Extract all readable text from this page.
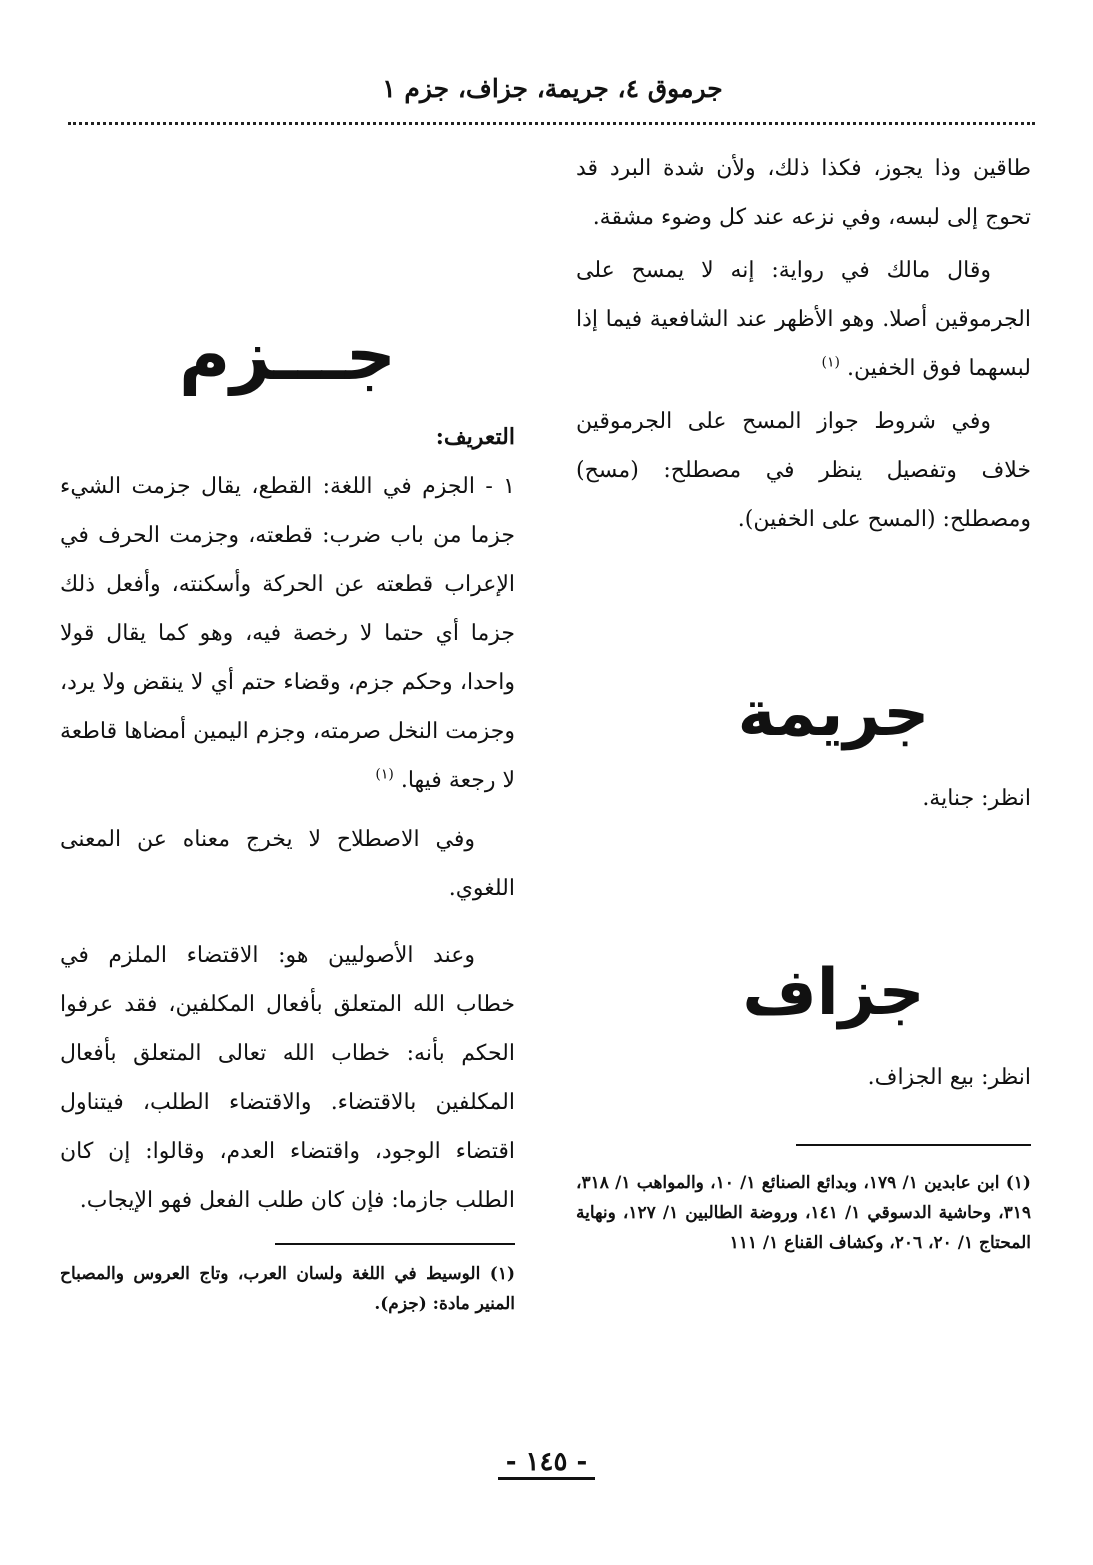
جرموق ٤، جريمة، جزاف، جزم ١

طاقين وذا يجوز، فكذا ذلك، ولأن شدة البرد قد تحوج إلى لبسه، وفي نزعه عند كل وضوء مشقة.

وقال مالك في رواية: إنه لا يمسح على الجرموقين أصلا. وهو الأظهر عند الشافعية فيما إذا لبسهما فوق الخفين. $^{(١)}$

وفي شروط جواز المسح على الجرموقين خلاف وتفصيل ينظر في مصطلح: (مسح) ومصطلح: (المسح على الخفين).

جريمة

انظر: جناية.

جزاف

انظر: بيع الجزاف.

(١) ابن عابدين ١/ ١٧٩، وبدائع الصنائع ١/ ١٠، والمواهب ١/ ٣١٨، ٣١٩، وحاشية الدسوقي ١/ ١٤١، وروضة الطالبين ١/ ١٢٧، ونهاية المحتاج ١/ ٢٠، ٢٠٦، وكشاف القناع ١/ ١١١

جـــزم
التعريف:

١ - الجزم في اللغة: القطع، يقال جزمت الشيء جزما من باب ضرب: قطعته، وجزمت الحرف في الإعراب قطعته عن الحركة وأسكنته، وأفعل ذلك جزما أي حتما لا رخصة فيه، وهو كما يقال قولا واحدا، وحكم جزم، وقضاء حتم أي لا ينقض ولا يرد، وجزمت النخل صرمته، وجزم اليمين أمضاها قاطعة لا رجعة فيها. $^{(١)}$

وفي الاصطلاح لا يخرج معناه عن المعنى اللغوي.

وعند الأصوليين هو: الاقتضاء الملزم في خطاب الله المتعلق بأفعال المكلفين، فقد عرفوا الحكم بأنه: خطاب الله تعالى المتعلق بأفعال المكلفين بالاقتضاء. والاقتضاء الطلب، فيتناول اقتضاء الوجود، واقتضاء العدم، وقالوا: إن كان الطلب جازما: فإن كان طلب الفعل فهو الإيجاب.

(١) الوسيط في اللغة ولسان العرب، وتاج العروس والمصباح المنير مادة: (جزم).

- ١٤٥ -
